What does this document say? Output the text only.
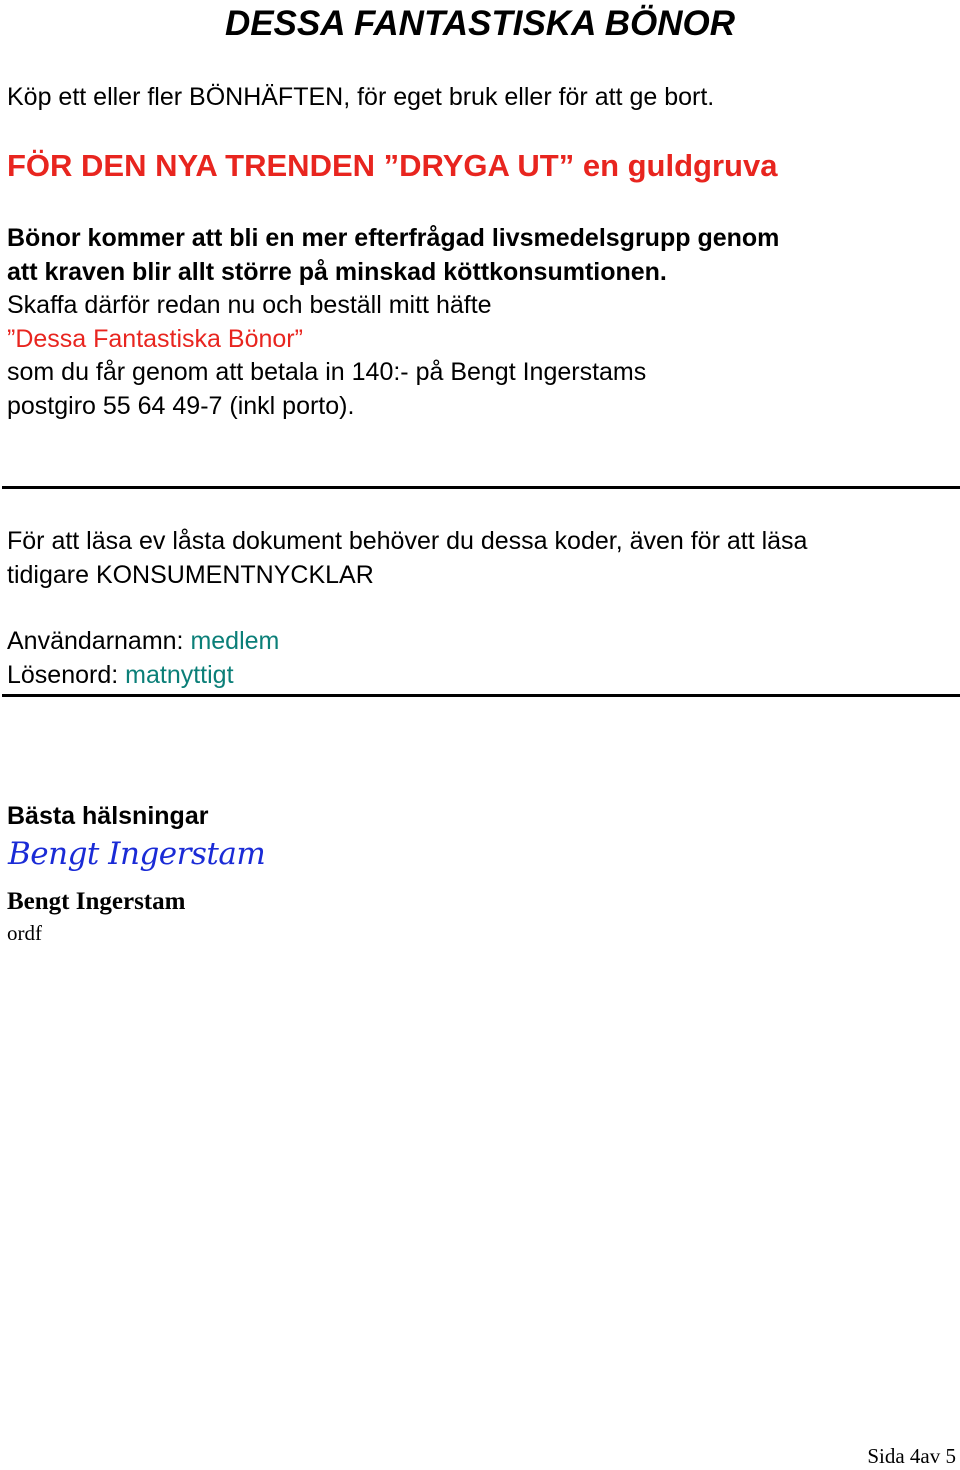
DESSA FANTASTISKA BÖNOR
Köp ett eller fler BÖNHÄFTEN, för eget bruk eller för att ge bort.
FÖR DEN NYA TRENDEN ”DRYGA UT” en guldgruva
Bönor kommer att bli en mer efterfrågad livsmedelsgrupp genom
att kraven blir allt större på minskad köttkonsumtionen.
Skaffa därför redan nu och beställ mitt häfte
”Dessa Fantastiska Bönor”
som du får genom att betala in 140:- på Bengt Ingerstams
postgiro 55 64 49-7 (inkl porto).
För att läsa ev låsta dokument behöver du dessa koder, även för att läsa
tidigare KONSUMENTNYCKLAR
Användarnamn: medlem
Lösenord: matnyttigt
Bästa hälsningar
Bengt Ingerstam
Bengt Ingerstam
ordf
Sida 4av 5
